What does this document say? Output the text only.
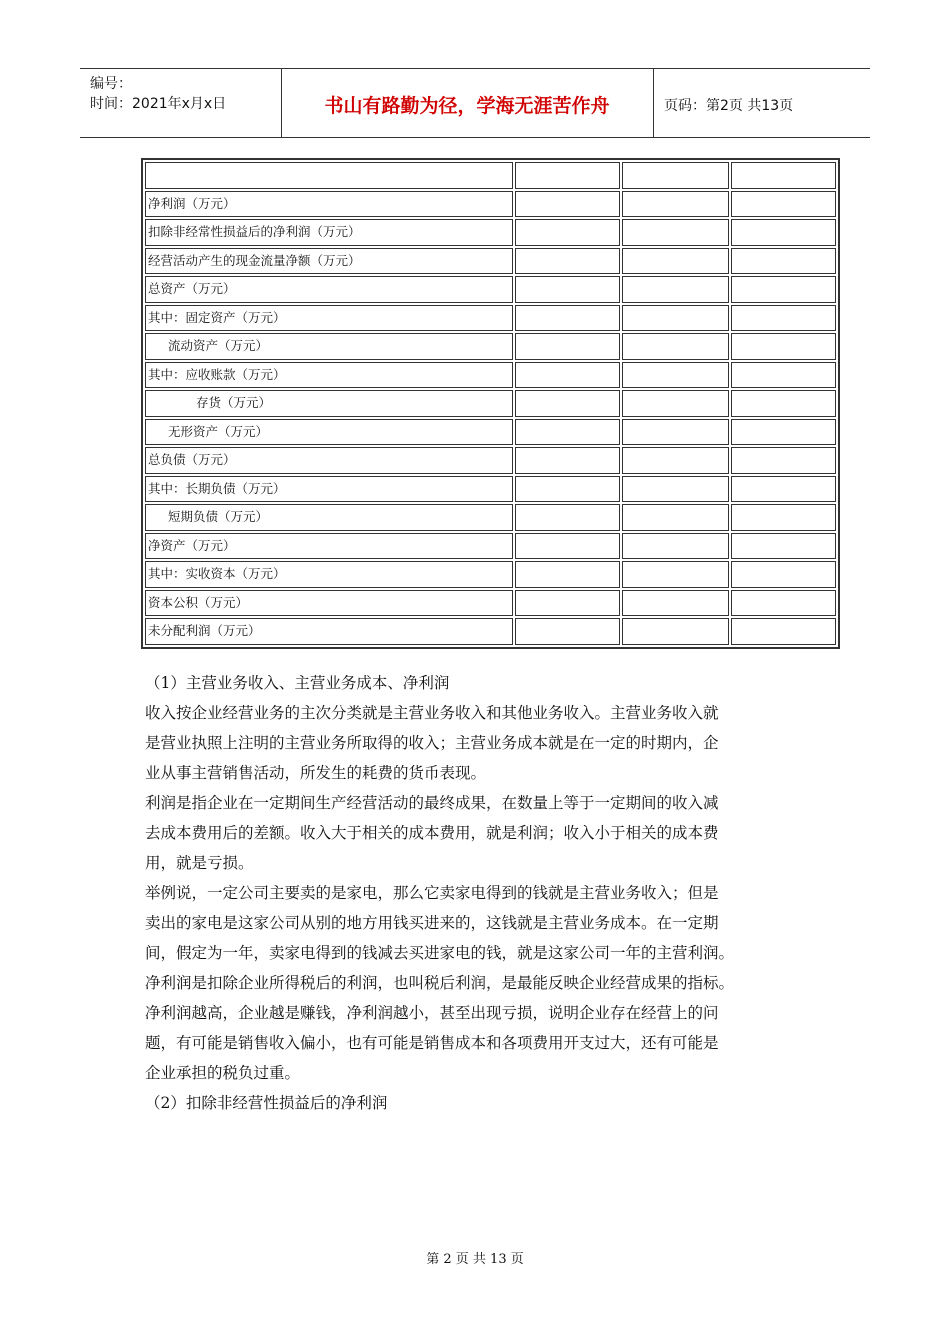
编号：
时间：2021年x月x日	书山有路勤为径，学海无涯苦作舟	页码：第2页 共13页

净利润（万元）			
扣除非经常性损益后的净利润（万元）			
经营活动产生的现金流量净额（万元）			
总资产（万元）			
其中：固定资产（万元）			
流动资产（万元）			
其中：应收账款（万元）			
存货（万元）			
无形资产（万元）			
总负债（万元）			
其中：长期负债（万元）			
短期负债（万元）			
净资产（万元）			
其中：实收资本（万元）			
资本公积（万元）			
未分配利润（万元）			

（1）主营业务收入、主营业务成本、净利润

收入按企业经营业务的主次分类就是主营业务收入和其他业务收入。主营业务收入就

是营业执照上注明的主营业务所取得的收入；主营业务成本就是在一定的时期内，企

业从事主营销售活动，所发生的耗费的货币表现。

利润是指企业在一定期间生产经营活动的最终成果，在数量上等于一定期间的收入减

去成本费用后的差额。收入大于相关的成本费用，就是利润；收入小于相关的成本费

用，就是亏损。

举例说，一定公司主要卖的是家电，那么它卖家电得到的钱就是主营业务收入；但是

卖出的家电是这家公司从别的地方用钱买进来的，这钱就是主营业务成本。在一定期

间，假定为一年，卖家电得到的钱减去买进家电的钱，就是这家公司一年的主营利润。

净利润是扣除企业所得税后的利润，也叫税后利润，是最能反映企业经营成果的指标。

净利润越高，企业越是赚钱，净利润越小，甚至出现亏损，说明企业存在经营上的问

题，有可能是销售收入偏小，也有可能是销售成本和各项费用开支过大，还有可能是

企业承担的税负过重。

（2）扣除非经营性损益后的净利润

第 2 页 共 13 页
